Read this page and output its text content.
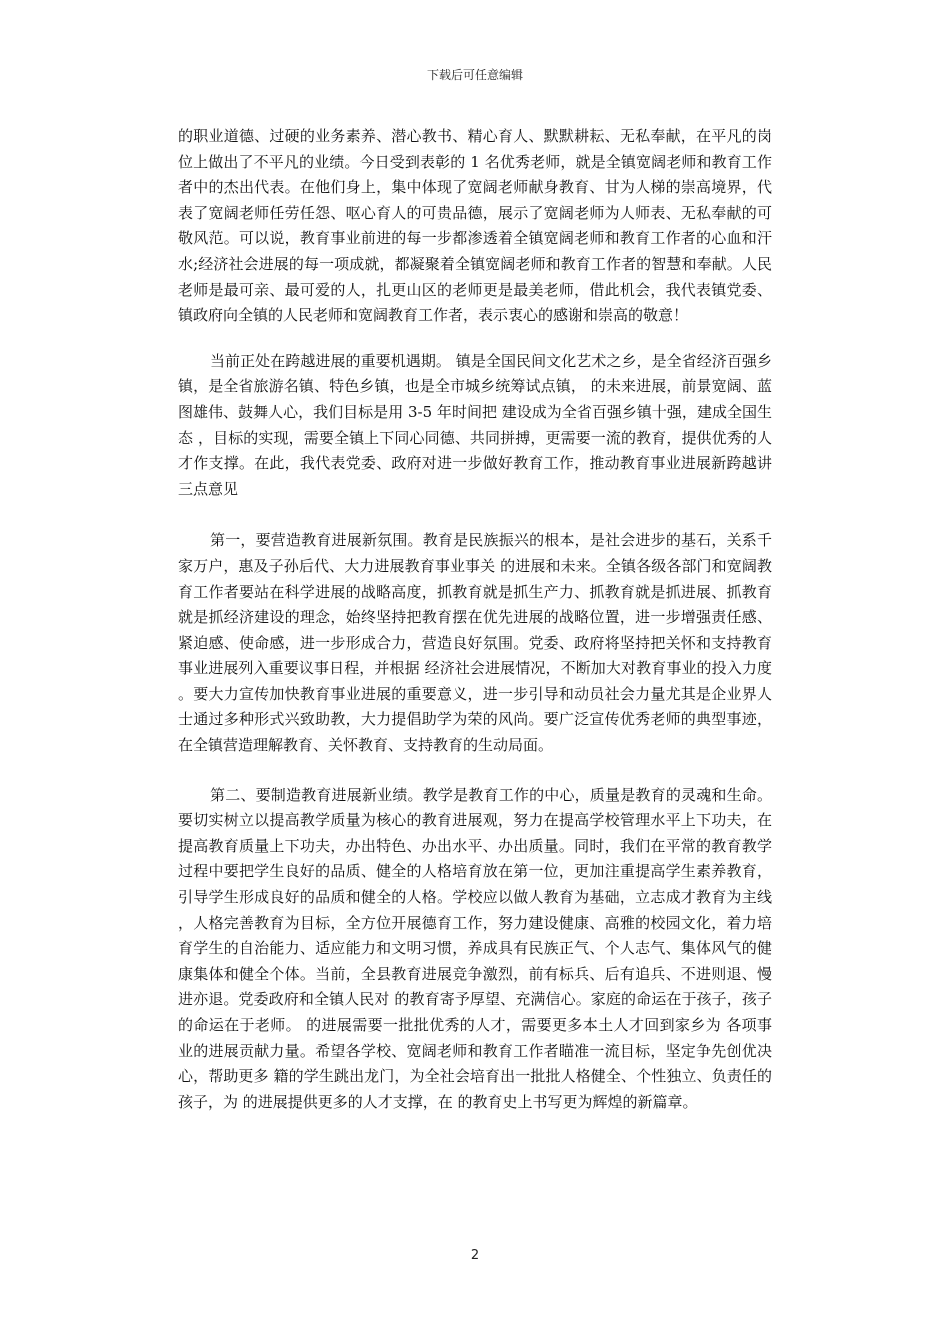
下载后可任意编辑

的职业道德、过硬的业务素养、潜心教书、精心育人、默默耕耘、无私奉献，在平凡的岗位上做出了不平凡的业绩。今日受到表彰的 1 名优秀老师，就是全镇宽阔老师和教育工作者中的杰出代表。在他们身上，集中体现了宽阔老师献身教育、甘为人梯的崇高境界，代表了宽阔老师任劳任怨、呕心育人的可贵品德，展示了宽阔老师为人师表、无私奉献的可敬风范。可以说，教育事业前进的每一步都渗透着全镇宽阔老师和教育工作者的心血和汗水;经济社会进展的每一项成就，都凝聚着全镇宽阔老师和教育工作者的智慧和奉献。人民老师是最可亲、最可爱的人，扎更山区的老师更是最美老师，借此机会，我代表镇党委、镇政府向全镇的人民老师和宽阔教育工作者，表示衷心的感谢和崇高的敬意！

当前正处在跨越进展的重要机遇期。 镇是全国民间文化艺术之乡，是全省经济百强乡镇，是全省旅游名镇、特色乡镇，也是全市城乡统筹试点镇， 的未来进展，前景宽阔、蓝图雄伟、鼓舞人心，我们目标是用 3-5 年时间把 建设成为全省百强乡镇十强，建成全国生态 ，目标的实现，需要全镇上下同心同德、共同拼搏，更需要一流的教育，提供优秀的人才作支撑。在此，我代表党委、政府对进一步做好教育工作，推动教育事业进展新跨越讲三点意见

第一，要营造教育进展新氛围。教育是民族振兴的根本，是社会进步的基石，关系千家万户，惠及子孙后代、大力进展教育事业事关 的进展和未来。全镇各级各部门和宽阔教育工作者要站在科学进展的战略高度，抓教育就是抓生产力、抓教育就是抓进展、抓教育就是抓经济建设的理念，始终坚持把教育摆在优先进展的战略位置，进一步增强责任感、紧迫感、使命感，进一步形成合力，营造良好氛围。党委、政府将坚持把关怀和支持教育事业进展列入重要议事日程，并根据 经济社会进展情况，不断加大对教育事业的投入力度。要大力宣传加快教育事业进展的重要意义，进一步引导和动员社会力量尤其是企业界人士通过多种形式兴致助教，大力提倡助学为荣的风尚。要广泛宣传优秀老师的典型事迹，在全镇营造理解教育、关怀教育、支持教育的生动局面。

第二、要制造教育进展新业绩。教学是教育工作的中心，质量是教育的灵魂和生命。要切实树立以提高教学质量为核心的教育进展观，努力在提高学校管理水平上下功夫，在提高教育质量上下功夫，办出特色、办出水平、办出质量。同时，我们在平常的教育教学过程中要把学生良好的品质、健全的人格培育放在第一位，更加注重提高学生素养教育，引导学生形成良好的品质和健全的人格。学校应以做人教育为基础，立志成才教育为主线，人格完善教育为目标，全方位开展德育工作，努力建设健康、高雅的校园文化，着力培育学生的自治能力、适应能力和文明习惯，养成具有民族正气、个人志气、集体风气的健康集体和健全个体。当前，全县教育进展竞争激烈，前有标兵、后有追兵、不进则退、慢进亦退。党委政府和全镇人民对 的教育寄予厚望、充满信心。家庭的命运在于孩子，孩子的命运在于老师。 的进展需要一批批优秀的人才，需要更多本土人才回到家乡为 各项事业的进展贡献力量。希望各学校、宽阔老师和教育工作者瞄准一流目标，坚定争先创优决心，帮助更多 籍的学生跳出龙门，为全社会培育出一批批人格健全、个性独立、负责任的孩子，为 的进展提供更多的人才支撑，在 的教育史上书写更为辉煌的新篇章。

2
